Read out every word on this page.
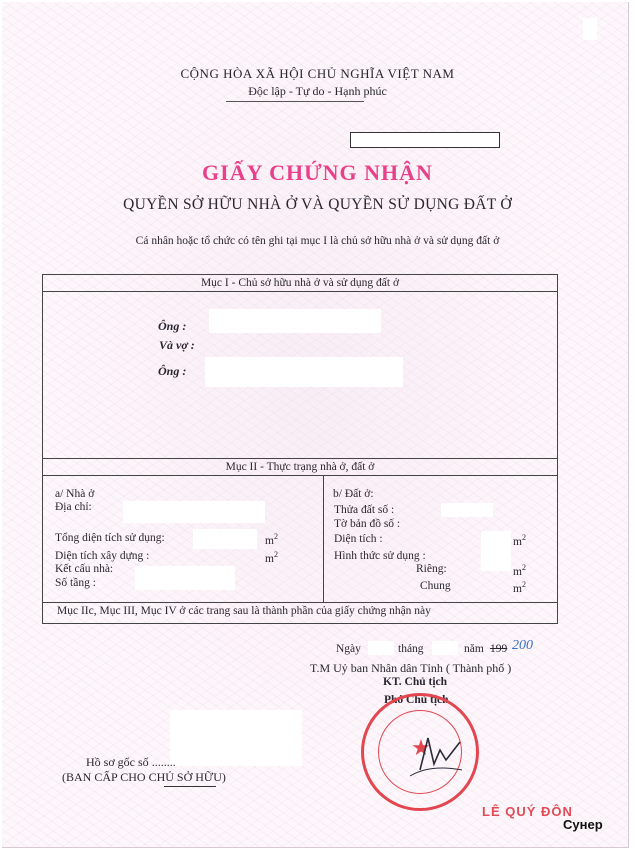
CỘNG HÒA XÃ HỘI CHỦ NGHĨA VIỆT NAM
Độc lập - Tự do - Hạnh phúc
GIẤY CHỨNG NHẬN
QUYỀN SỞ HỮU NHÀ Ở VÀ QUYỀN SỬ DỤNG ĐẤT Ở
Cá nhân hoặc tổ chức có tên ghi tại mục I là chủ sở hữu nhà ở và sử dụng đất ở
Mục I - Chủ sở hữu nhà ở và sử dụng đất ở
Ông :
Và vợ :
Ông :
Mục II - Thực trạng nhà ở, đất ở
a/ Nhà ở
Địa chỉ:
Tổng diện tích sử dụng:
Diện tích xây dựng :
Kết cấu nhà:
Số tầng :
$m^2$
$m^2$
b/ Đất ở:
Thửa đất số :
Tờ bản đồ số :
Diện tích :
Hình thức sử dụng :
Riêng:
Chung
$m^2$
$m^2$
$m^2$
Mục IIc, Mục III, Mục IV ở các trang sau là thành phần của giấy chứng nhận này
Ngày	tháng	năm 199 200
T.M Uỷ ban Nhân dân Tỉnh ( Thành phố )
KT. Chủ tịch
Phó Chủ tịch
★
LÊ QUÝ ĐÔN
Hồ sơ gốc số ........
(BAN CẤP CHO CHỦ SỞ HỮU)
Cyнep
